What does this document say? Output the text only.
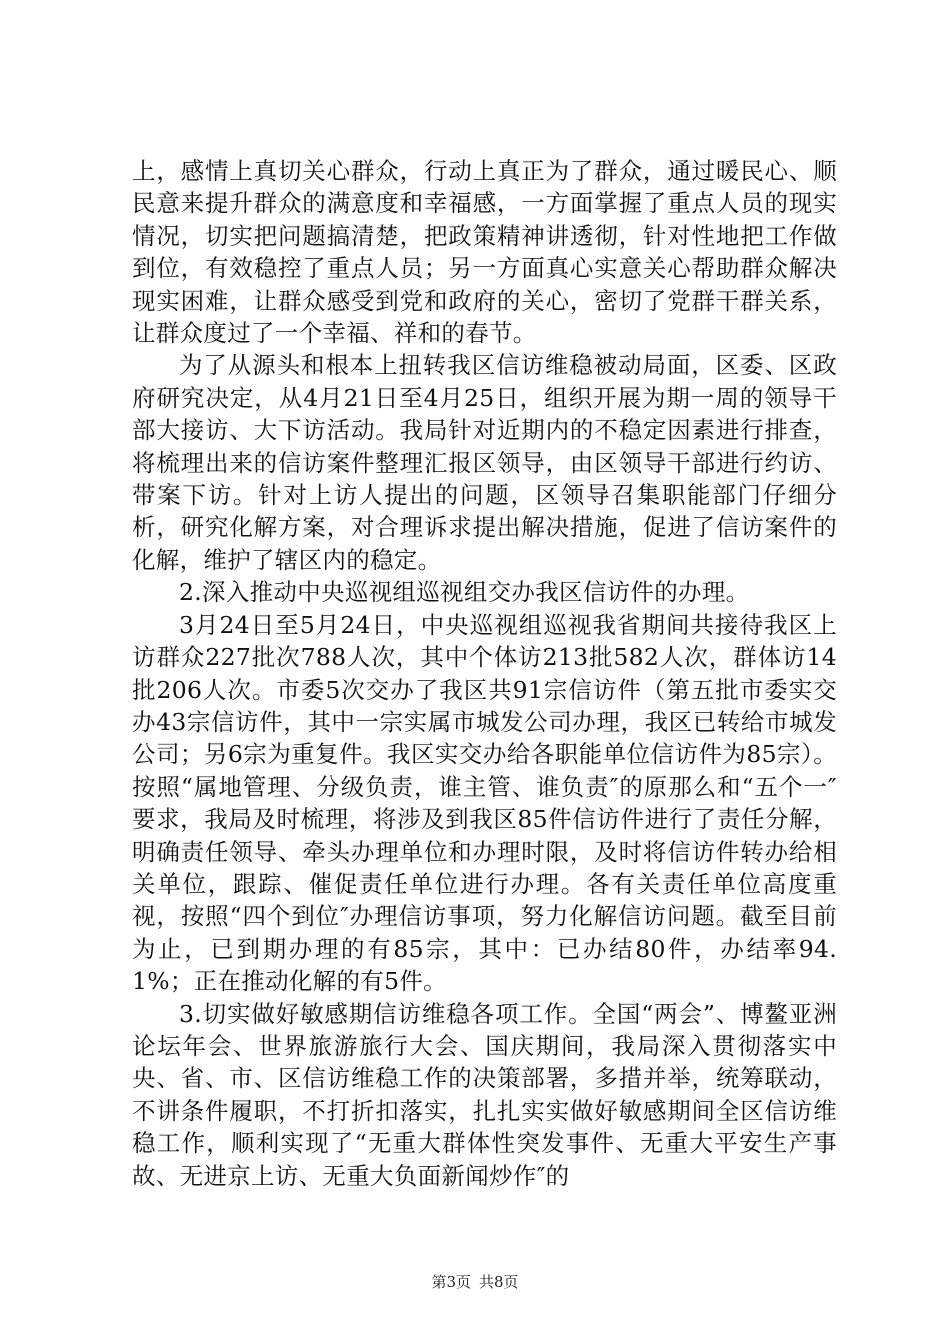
上，感情上真切关心群众，行动上真正为了群众，通过暖民心、顺民意来提升群众的满意度和幸福感，一方面掌握了重点人员的现实情况，切实把问题搞清楚，把政策精神讲透彻，针对性地把工作做到位，有效稳控了重点人员；另一方面真心实意关心帮助群众解决现实困难，让群众感受到党和政府的关心，密切了党群干群关系，让群众度过了一个幸福、祥和的春节。

为了从源头和根本上扭转我区信访维稳被动局面，区委、区政府研究决定，从4月21日至4月25日，组织开展为期一周的领导干部大接访、大下访活动。我局针对近期内的不稳定因素进行排查，将梳理出来的信访案件整理汇报区领导，由区领导干部进行约访、带案下访。针对上访人提出的问题，区领导召集职能部门仔细分析，研究化解方案，对合理诉求提出解决措施，促进了信访案件的化解，维护了辖区内的稳定。

2.深入推动中央巡视组巡视组交办我区信访件的办理。

3月24日至5月24日，中央巡视组巡视我省期间共接待我区上访群众227批次788人次，其中个体访213批582人次，群体访14批206人次。市委5次交办了我区共91宗信访件（第五批市委实交办43宗信访件，其中一宗实属市城发公司办理，我区已转给市城发公司；另6宗为重复件。我区实交办给各职能单位信访件为85宗）。按照“属地管理、分级负责，谁主管、谁负责″的原那么和“五个一″要求，我局及时梳理，将涉及到我区85件信访件进行了责任分解，明确责任领导、牵头办理单位和办理时限，及时将信访件转办给相关单位，跟踪、催促责任单位进行办理。各有关责任单位高度重视，按照“四个到位″办理信访事项，努力化解信访问题。截至目前为止，已到期办理的有85宗，其中：已办结80件，办结率94.1%；正在推动化解的有5件。

3.切实做好敏感期信访维稳各项工作。全国“两会”、博鳌亚洲论坛年会、世界旅游旅行大会、国庆期间，我局深入贯彻落实中央、省、市、区信访维稳工作的决策部署，多措并举，统筹联动，不讲条件履职，不打折扣落实，扎扎实实做好敏感期间全区信访维稳工作，顺利实现了“无重大群体性突发事件、无重大平安生产事故、无进京上访、无重大负面新闻炒作″的

第3页 共8页
